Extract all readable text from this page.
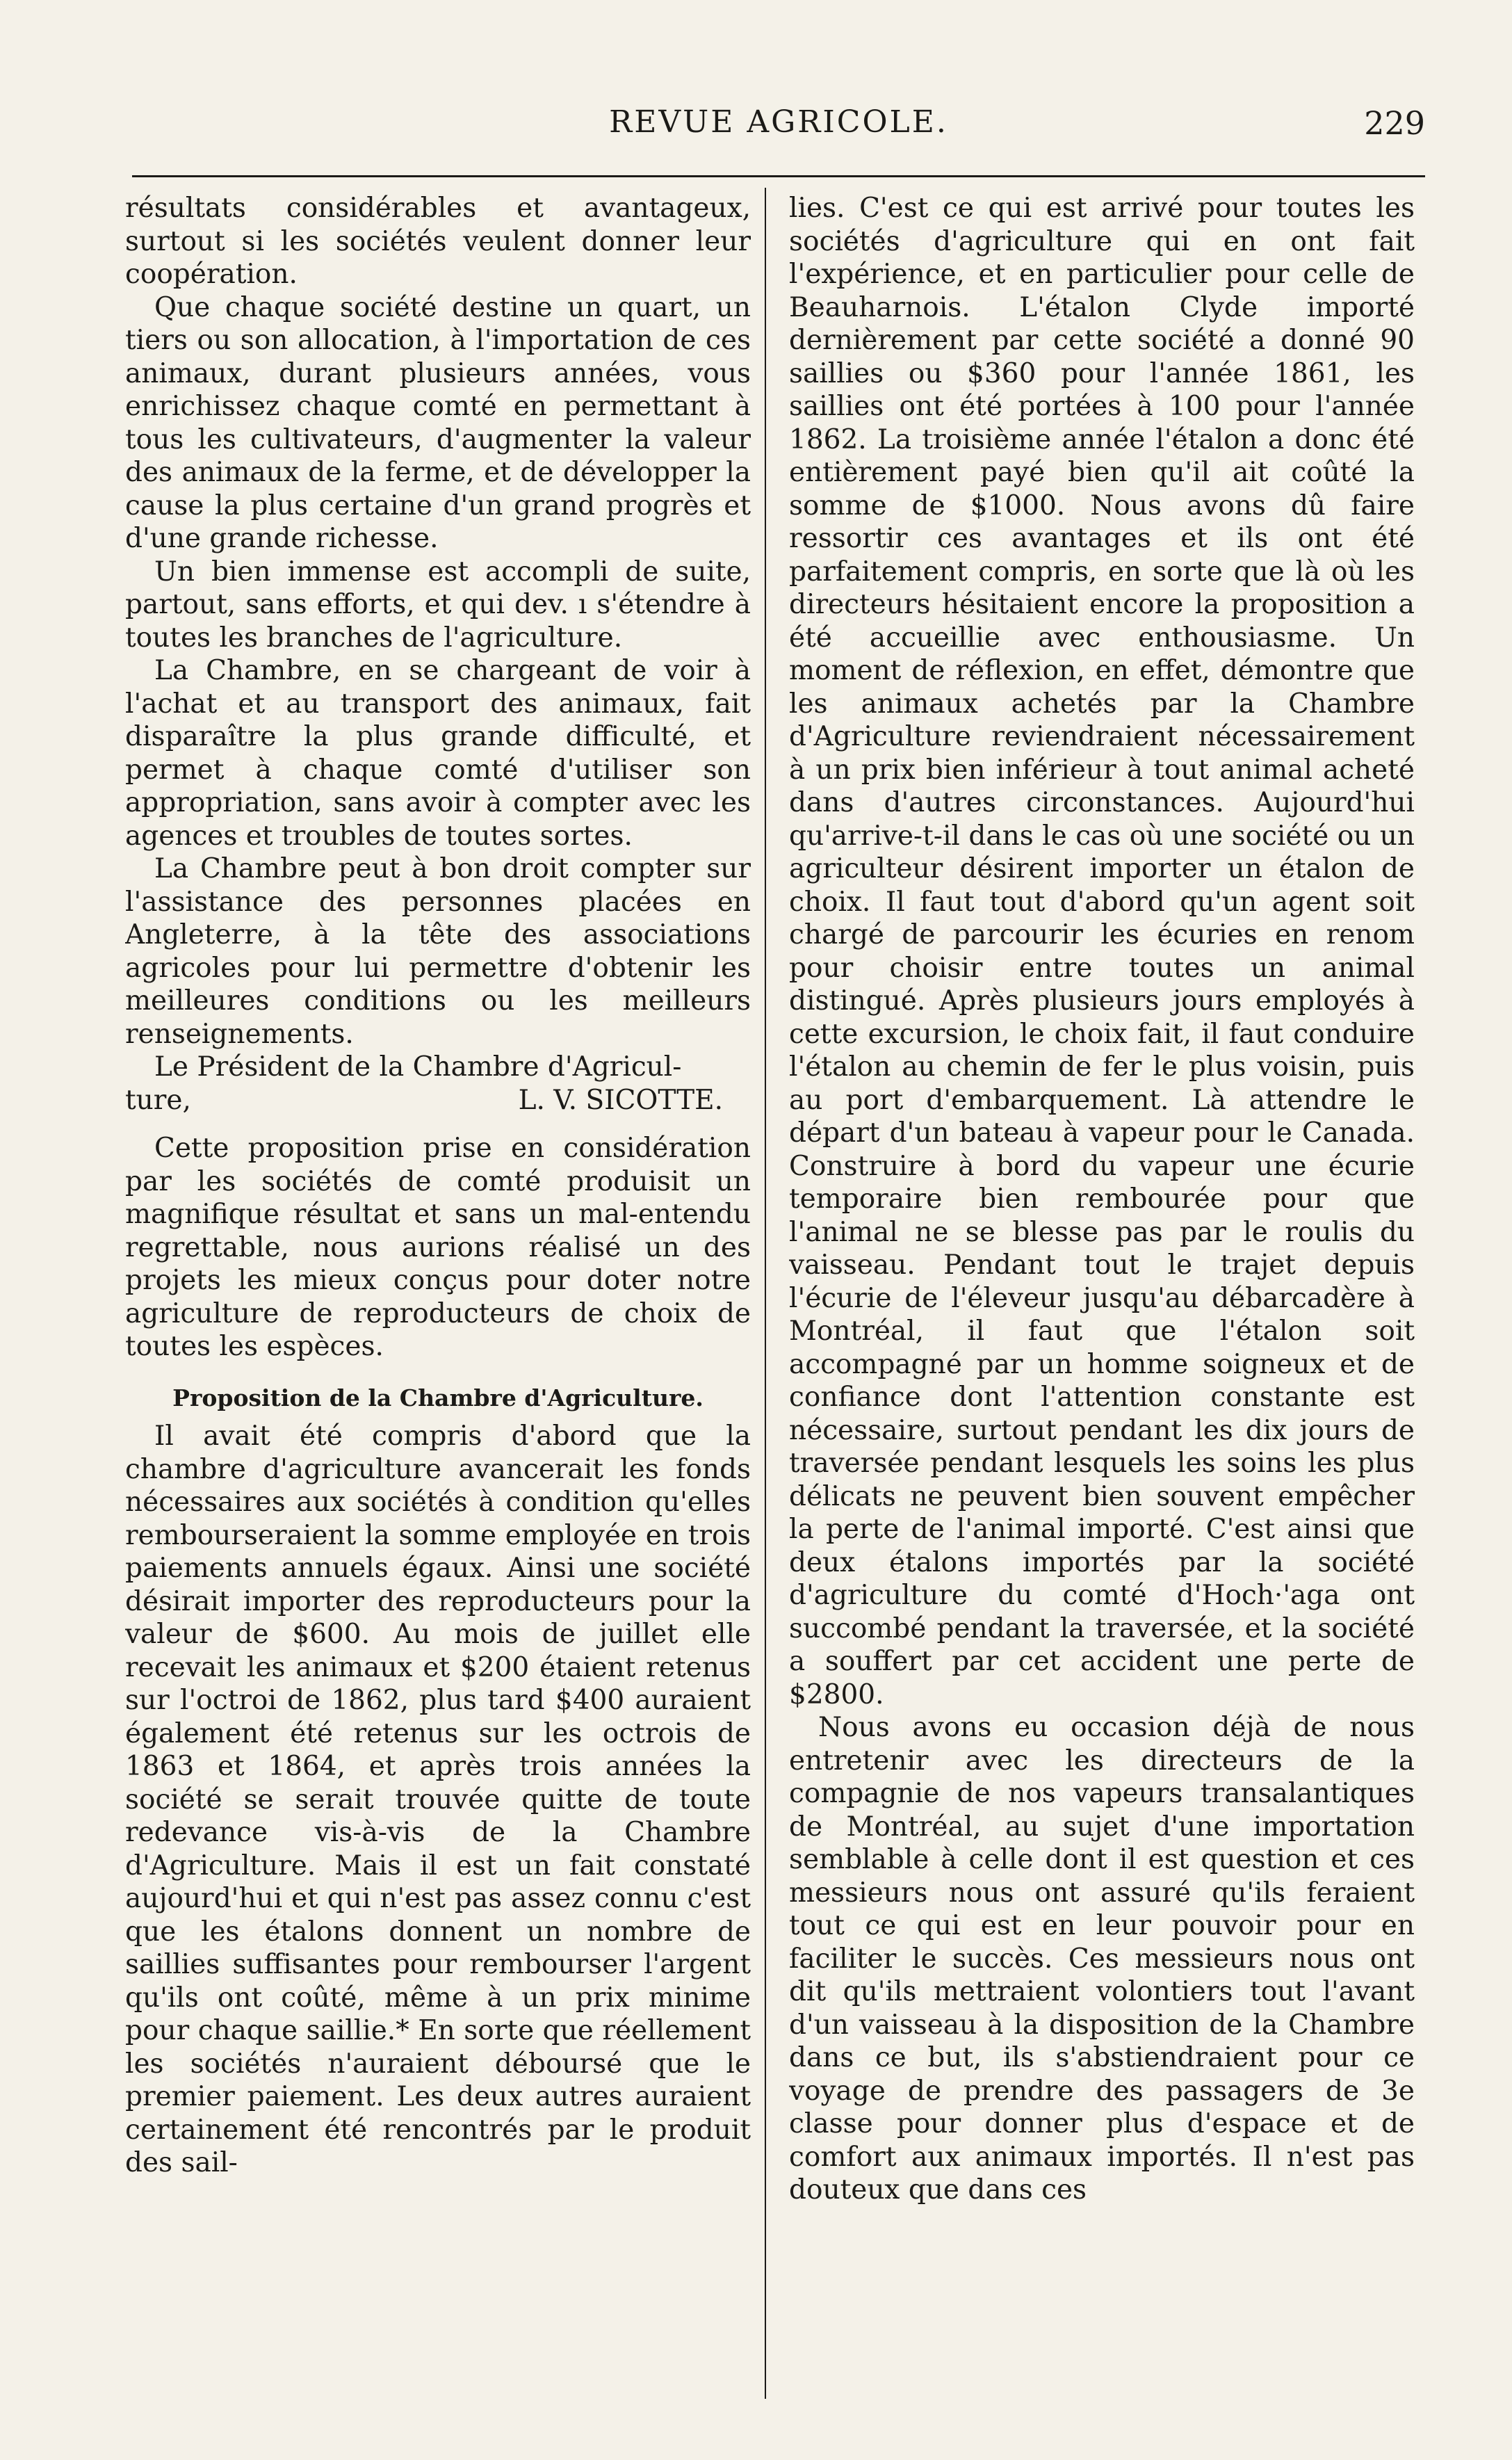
REVUE AGRICOLE.	229

résultats considérables et avantageux, surtout si les sociétés veulent donner leur coopération.

Que chaque société destine un quart, un tiers ou son allocation, à l'importation de ces animaux, durant plusieurs années, vous enrichissez chaque comté en permettant à tous les cultivateurs, d'augmenter la valeur des animaux de la ferme, et de développer la cause la plus certaine d'un grand progrès et d'une grande richesse.

Un bien immense est accompli de suite, partout, sans efforts, et qui dev. ı s'étendre à toutes les branches de l'agriculture.

La Chambre, en se chargeant de voir à l'achat et au transport des animaux, fait disparaître la plus grande difficulté, et permet à chaque comté d'utiliser son appropriation, sans avoir à compter avec les agences et troubles de toutes sortes.

La Chambre peut à bon droit compter sur l'assistance des personnes placées en Angleterre, à la tête des associations agricoles pour lui permettre d'obtenir les meilleures conditions ou les meilleurs renseignements.

Le Président de la Chambre d'Agricul-

ture,	L. V. SICOTTE.

Cette proposition prise en considération par les sociétés de comté produisit un magnifique résultat et sans un mal-entendu regrettable, nous aurions réalisé un des projets les mieux conçus pour doter notre agriculture de reproducteurs de choix de toutes les espèces.

Proposition de la Chambre d'Agriculture.

Il avait été compris d'abord que la chambre d'agriculture avancerait les fonds nécessaires aux sociétés à condition qu'elles rembourseraient la somme employée en trois paiements annuels égaux. Ainsi une société désirait importer des reproducteurs pour la valeur de $600. Au mois de juillet elle recevait les animaux et $200 étaient retenus sur l'octroi de 1862, plus tard $400 auraient également été retenus sur les octrois de 1863 et 1864, et après trois années la société se serait trouvée quitte de toute redevance vis-à-vis de la Chambre d'Agriculture. Mais il est un fait constaté aujourd'hui et qui n'est pas assez connu c'est que les étalons donnent un nombre de saillies suffisantes pour rembourser l'argent qu'ils ont coûté, même à un prix minime pour chaque saillie.* En sorte que réellement les sociétés n'auraient déboursé que le premier paiement. Les deux autres auraient certainement été rencontrés par le produit des sail-

lies. C'est ce qui est arrivé pour toutes les sociétés d'agriculture qui en ont fait l'expérience, et en particulier pour celle de Beauharnois. L'étalon Clyde importé dernièrement par cette société a donné 90 saillies ou $360 pour l'année 1861, les saillies ont été portées à 100 pour l'année 1862. La troisième année l'étalon a donc été entièrement payé bien qu'il ait coûté la somme de $1000. Nous avons dû faire ressortir ces avantages et ils ont été parfaitement compris, en sorte que là où les directeurs hésitaient encore la proposition a été accueillie avec enthousiasme. Un moment de réflexion, en effet, démontre que les animaux achetés par la Chambre d'Agriculture reviendraient nécessairement à un prix bien inférieur à tout animal acheté dans d'autres circonstances. Aujourd'hui qu'arrive-t-il dans le cas où une société ou un agriculteur désirent importer un étalon de choix. Il faut tout d'abord qu'un agent soit chargé de parcourir les écuries en renom pour choisir entre toutes un animal distingué. Après plusieurs jours employés à cette excursion, le choix fait, il faut conduire l'étalon au chemin de fer le plus voisin, puis au port d'embarquement. Là attendre le départ d'un bateau à vapeur pour le Canada. Construire à bord du vapeur une écurie temporaire bien rembourée pour que l'animal ne se blesse pas par le roulis du vaisseau. Pendant tout le trajet depuis l'écurie de l'éleveur jusqu'au débarcadère à Montréal, il faut que l'étalon soit accompagné par un homme soigneux et de confiance dont l'attention constante est nécessaire, surtout pendant les dix jours de traversée pendant lesquels les soins les plus délicats ne peuvent bien souvent empêcher la perte de l'animal importé. C'est ainsi que deux étalons importés par la société d'agriculture du comté d'Hoch·'aga ont succombé pendant la traversée, et la société a souffert par cet accident une perte de $2800.

Nous avons eu occasion déjà de nous entretenir avec les directeurs de la compagnie de nos vapeurs transalantiques de Montréal, au sujet d'une importation semblable à celle dont il est question et ces messieurs nous ont assuré qu'ils feraient tout ce qui est en leur pouvoir pour en faciliter le succès. Ces messieurs nous ont dit qu'ils mettraient volontiers tout l'avant d'un vaisseau à la disposition de la Chambre dans ce but, ils s'abstiendraient pour ce voyage de prendre des passagers de 3e classe pour donner plus d'espace et de comfort aux animaux importés. Il n'est pas douteux que dans ces
